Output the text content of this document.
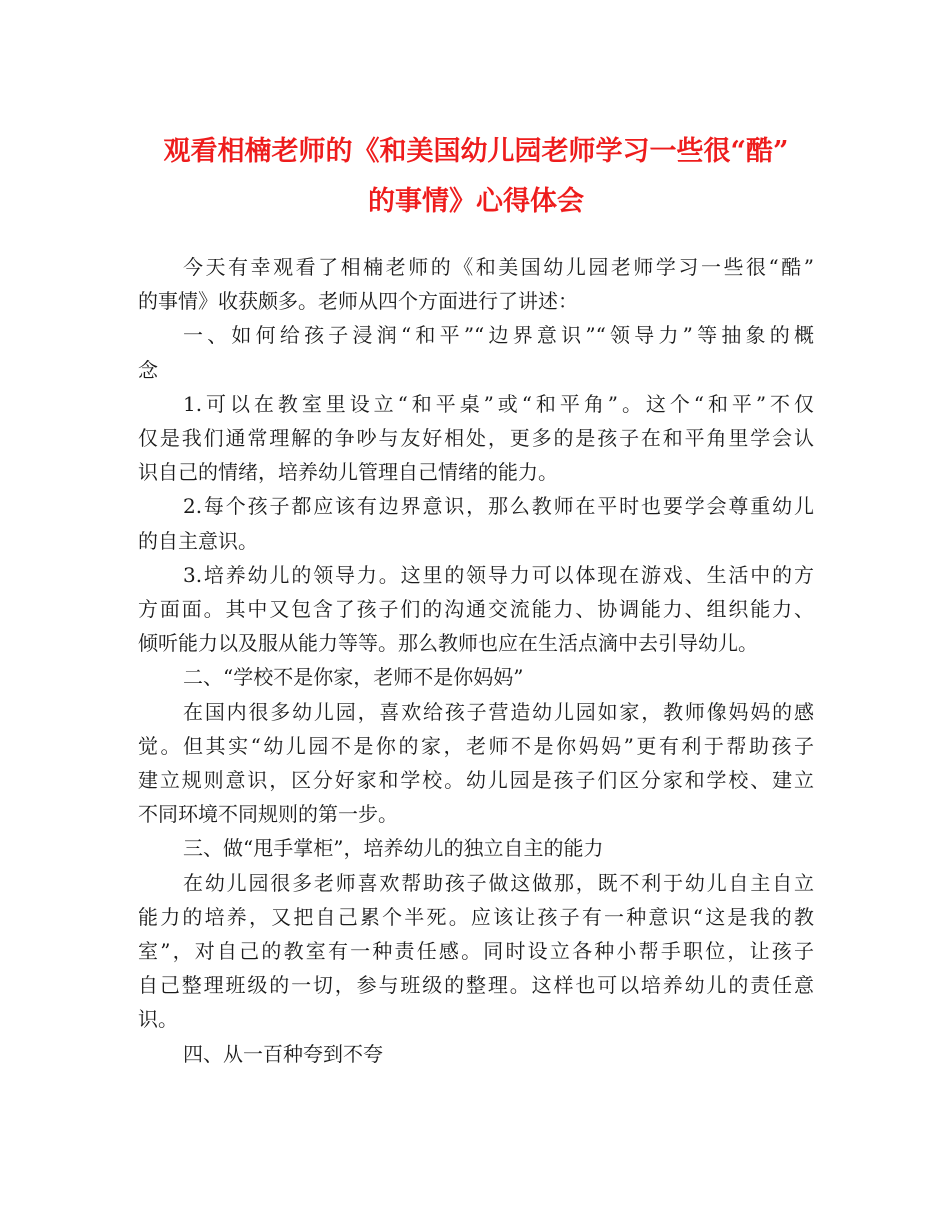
观看相楠老师的《和美国幼儿园老师学习一些很“酷”
的事情》心得体会
今天有幸观看了相楠老师的《和美国幼儿园老师学习一些很“酷”
的事情》收获颇多。老师从四个方面进行了讲述：
一、如何给孩子浸润“和平”“边界意识”“领导力”等抽象的概
念
1.可以在教室里设立“和平桌”或“和平角”。这个“和平”不仅
仅是我们通常理解的争吵与友好相处，更多的是孩子在和平角里学会认
识自己的情绪，培养幼儿管理自己情绪的能力。
2.每个孩子都应该有边界意识，那么教师在平时也要学会尊重幼儿
的自主意识。
3.培养幼儿的领导力。这里的领导力可以体现在游戏、生活中的方
方面面。其中又包含了孩子们的沟通交流能力、协调能力、组织能力、
倾听能力以及服从能力等等。那么教师也应在生活点滴中去引导幼儿。
二、“学校不是你家，老师不是你妈妈”
在国内很多幼儿园，喜欢给孩子营造幼儿园如家，教师像妈妈的感
觉。但其实“幼儿园不是你的家，老师不是你妈妈”更有利于帮助孩子
建立规则意识，区分好家和学校。幼儿园是孩子们区分家和学校、建立
不同环境不同规则的第一步。
三、做“甩手掌柜”，培养幼儿的独立自主的能力
在幼儿园很多老师喜欢帮助孩子做这做那，既不利于幼儿自主自立
能力的培养，又把自己累个半死。应该让孩子有一种意识“这是我的教
室”，对自己的教室有一种责任感。同时设立各种小帮手职位，让孩子
自己整理班级的一切，参与班级的整理。这样也可以培养幼儿的责任意
识。
四、从一百种夸到不夸
